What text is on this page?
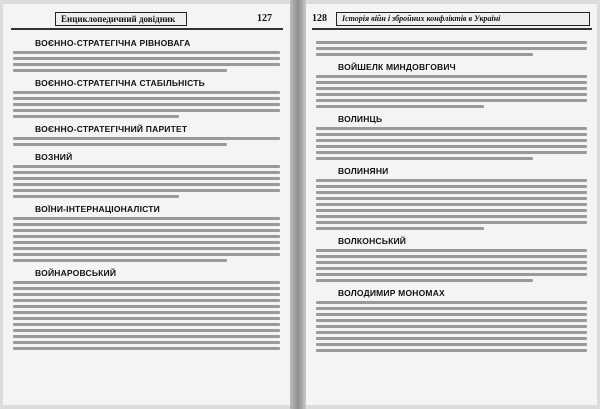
Енциклопедичний довідник	127
ВОЄННО-СТРАТЕГІЧНА РІВНОВАГА
ВОЄННО-СТРАТЕГІЧНА СТАБІЛЬНІСТЬ
ВОЄННО-СТРАТЕГІЧНИЙ ПАРИТЕТ
ВОЗНИЙ
ВОЇНИ-ІНТЕРНАЦІОНАЛІСТИ
ВОЙНАРОВСЬКИЙ
128	Історія війн і збройних конфліктів в Україні
ВОЙШЕЛК МИНДОВГОВИЧ
ВОЛИНЦЬ
ВОЛИНЯНИ
ВОЛКОНСЬКИЙ
ВОЛОДИМИР МОНОМАХ
